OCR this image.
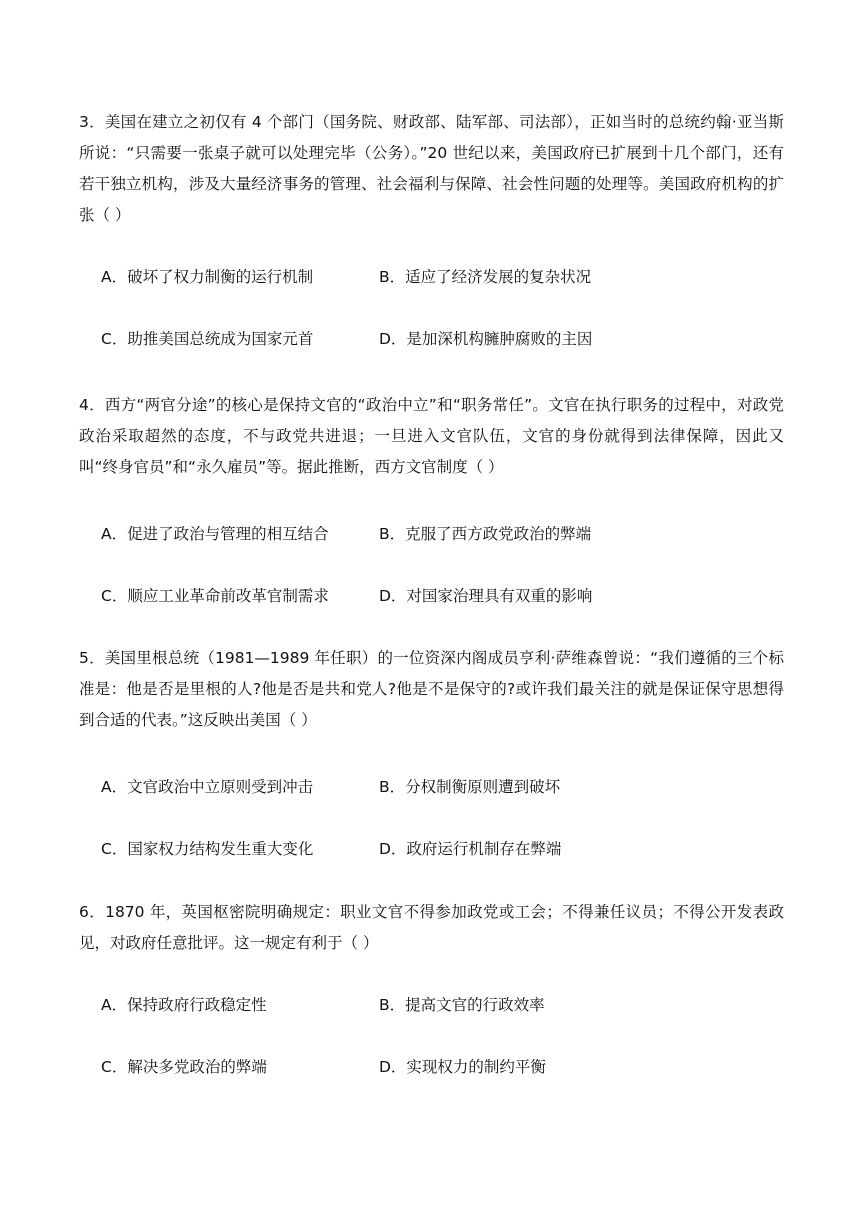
3．美国在建立之初仅有 4 个部门（国务院、财政部、陆军部、司法部），正如当时的总统约翰·亚当斯所说：“只需要一张桌子就可以处理完毕（公务）。”20 世纪以来，美国政府已扩展到十几个部门，还有若干独立机构，涉及大量经济事务的管理、社会福利与保障、社会性问题的处理等。美国政府机构的扩张（ ）
A．破坏了权力制衡的运行机制	B．适应了经济发展的复杂状况
C．助推美国总统成为国家元首	D．是加深机构臃肿腐败的主因
4．西方“两官分途”的核心是保持文官的“政治中立”和“职务常任”。文官在执行职务的过程中，对政党政治采取超然的态度，不与政党共进退；一旦进入文官队伍，文官的身份就得到法律保障，因此又叫“终身官员”和“永久雇员”等。据此推断，西方文官制度（ ）
A．促进了政治与管理的相互结合	B．克服了西方政党政治的弊端
C．顺应工业革命前改革官制需求	D．对国家治理具有双重的影响
5．美国里根总统（1981—1989 年任职）的一位资深内阁成员亨利·萨维森曾说：“我们遵循的三个标准是：他是否是里根的人?他是否是共和党人?他是不是保守的?或许我们最关注的就是保证保守思想得到合适的代表。”这反映出美国（ ）
A．文官政治中立原则受到冲击	B．分权制衡原则遭到破坏
C．国家权力结构发生重大变化	D．政府运行机制存在弊端
6．1870 年，英国枢密院明确规定：职业文官不得参加政党或工会；不得兼任议员；不得公开发表政见，对政府任意批评。这一规定有利于（ ）
A．保持政府行政稳定性	B．提高文官的行政效率
C．解决多党政治的弊端	D．实现权力的制约平衡
